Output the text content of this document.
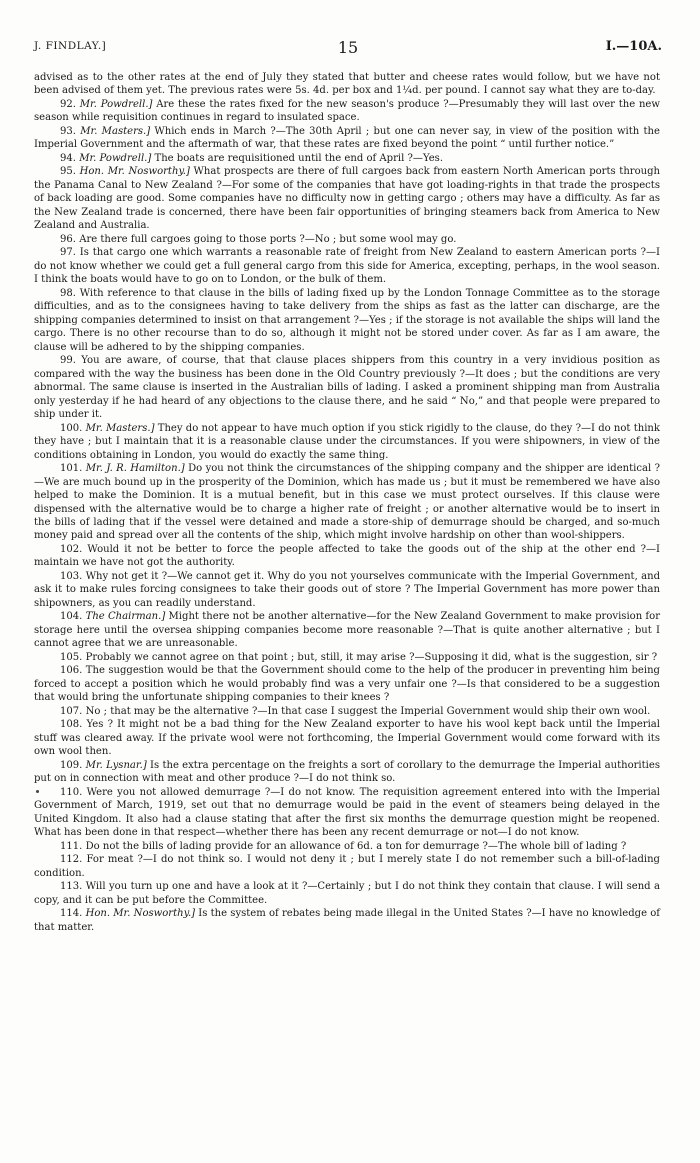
J. FINDLAY.]	15	I.—10A.

advised as to the other rates at the end of July they stated that butter and cheese rates would follow, but we have not been advised of them yet. The previous rates were 5s. 4d. per box and 1¼d. per pound. I cannot say what they are to-day.

92. Mr. Powdrell.] Are these the rates fixed for the new season's produce ?—Presumably they will last over the new season while requisition continues in regard to insulated space.

93. Mr. Masters.] Which ends in March ?—The 30th April ; but one can never say, in view of the position with the Imperial Government and the aftermath of war, that these rates are fixed beyond the point “ until further notice.”

94. Mr. Powdrell.] The boats are requisitioned until the end of April ?—Yes.

95. Hon. Mr. Nosworthy.] What prospects are there of full cargoes back from eastern North American ports through the Panama Canal to New Zealand ?—For some of the companies that have got loading-rights in that trade the prospects of back loading are good. Some companies have no difficulty now in getting cargo ; others may have a difficulty. As far as the New Zealand trade is concerned, there have been fair opportunities of bringing steamers back from America to New Zealand and Australia.

96. Are there full cargoes going to those ports ?—No ; but some wool may go.

97. Is that cargo one which warrants a reasonable rate of freight from New Zealand to eastern American ports ?—I do not know whether we could get a full general cargo from this side for America, excepting, perhaps, in the wool season. I think the boats would have to go on to London, or the bulk of them.

98. With reference to that clause in the bills of lading fixed up by the London Tonnage Committee as to the storage difficulties, and as to the consignees having to take delivery from the ships as fast as the latter can discharge, are the shipping companies determined to insist on that arrangement ?—Yes ; if the storage is not available the ships will land the cargo. There is no other recourse than to do so, although it might not be stored under cover. As far as I am aware, the clause will be adhered to by the shipping companies.

99. You are aware, of course, that that clause places shippers from this country in a very invidious position as compared with the way the business has been done in the Old Country previously ?—It does ; but the conditions are very abnormal. The same clause is inserted in the Australian bills of lading. I asked a prominent shipping man from Australia only yesterday if he had heard of any objections to the clause there, and he said “ No,” and that people were prepared to ship under it.

100. Mr. Masters.] They do not appear to have much option if you stick rigidly to the clause, do they ?—I do not think they have ; but I maintain that it is a reasonable clause under the circumstances. If you were shipowners, in view of the conditions obtaining in London, you would do exactly the same thing.

101. Mr. J. R. Hamilton.] Do you not think the circumstances of the shipping company and the shipper are identical ?—We are much bound up in the prosperity of the Dominion, which has made us ; but it must be remembered we have also helped to make the Dominion. It is a mutual benefit, but in this case we must protect ourselves. If this clause were dispensed with the alternative would be to charge a higher rate of freight ; or another alternative would be to insert in the bills of lading that if the vessel were detained and made a store-ship of demurrage should be charged, and so-much money paid and spread over all the contents of the ship, which might involve hardship on other than wool-shippers.

102. Would it not be better to force the people affected to take the goods out of the ship at the other end ?—I maintain we have not got the authority.

103. Why not get it ?—We cannot get it. Why do you not yourselves communicate with the Imperial Government, and ask it to make rules forcing consignees to take their goods out of store ? The Imperial Government has more power than shipowners, as you can readily understand.

104. The Chairman.] Might there not be another alternative—for the New Zealand Government to make provision for storage here until the oversea shipping companies become more reasonable ?—That is quite another alternative ; but I cannot agree that we are unreasonable.

105. Probably we cannot agree on that point ; but, still, it may arise ?—Supposing it did, what is the suggestion, sir ?

106. The suggestion would be that the Government should come to the help of the producer in preventing him being forced to accept a position which he would probably find was a very unfair one ?—Is that considered to be a suggestion that would bring the unfortunate shipping companies to their knees ?

107. No ; that may be the alternative ?—In that case I suggest the Imperial Government would ship their own wool.

108. Yes ? It might not be a bad thing for the New Zealand exporter to have his wool kept back until the Imperial stuff was cleared away. If the private wool were not forthcoming, the Imperial Government would come forward with its own wool then.

109. Mr. Lysnar.] Is the extra percentage on the freights a sort of corollary to the demurrage the Imperial authorities put on in connection with meat and other produce ?—I do not think so.

110. Were you not allowed demurrage ?—I do not know. The requisition agreement entered into with the Imperial Government of March, 1919, set out that no demurrage would be paid in the event of steamers being delayed in the United Kingdom. It also had a clause stating that after the first six months the demurrage question might be reopened. What has been done in that respect—whether there has been any recent demurrage or not—I do not know.

111. Do not the bills of lading provide for an allowance of 6d. a ton for demurrage ?—The whole bill of lading ?

112. For meat ?—I do not think so. I would not deny it ; but I merely state I do not remember such a bill-of-lading condition.

113. Will you turn up one and have a look at it ?—Certainly ; but I do not think they contain that clause. I will send a copy, and it can be put before the Committee.

114. Hon. Mr. Nosworthy.] Is the system of rebates being made illegal in the United States ?—I have no knowledge of that matter.
